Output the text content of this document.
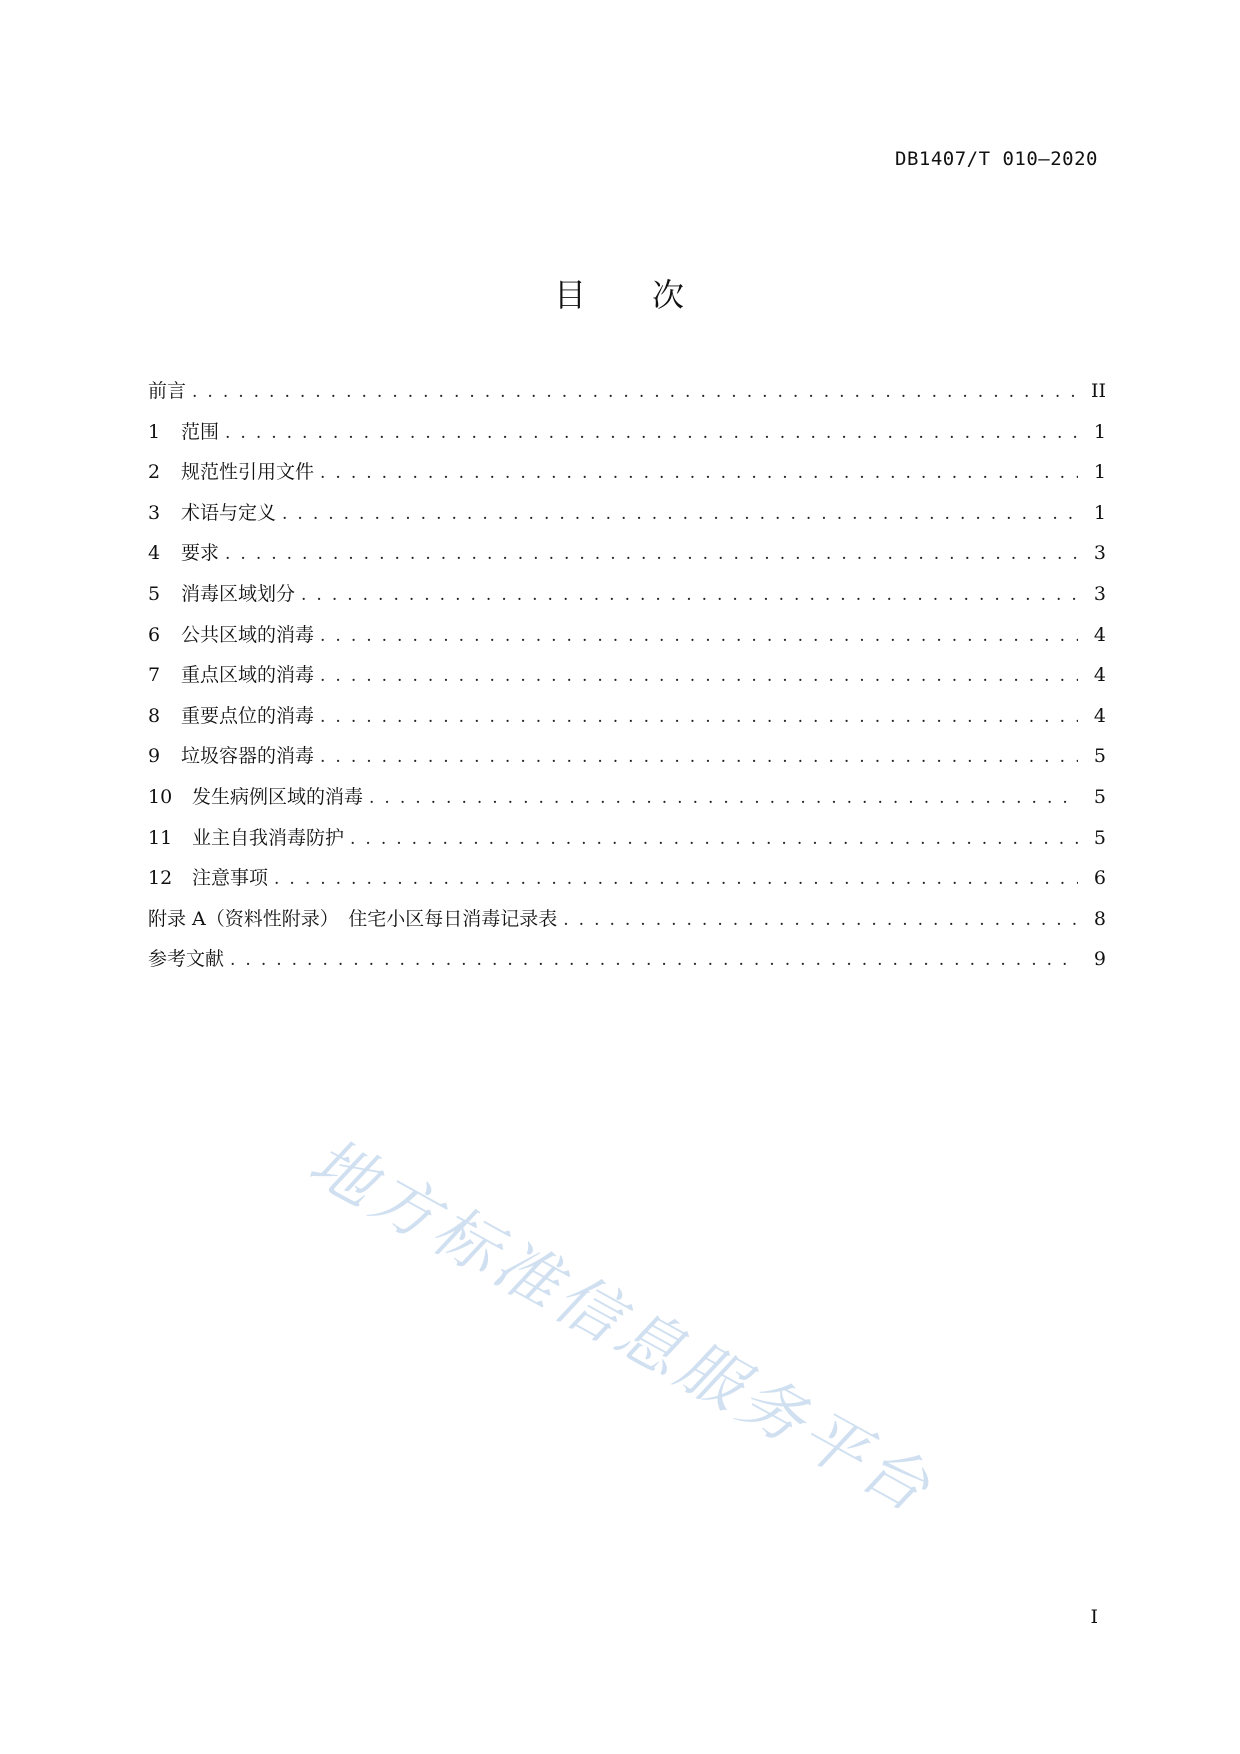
DB1407/T 010—2020
目 次
前言 . . .	II
1	范围 . . .	1
2	规范性引用文件 . . .	1
3	术语与定义 . . .	1
4	要求 . . .	3
5	消毒区域划分 . . .	3
6	公共区域的消毒 . . .	4
7	重点区域的消毒 . . .	4
8	重要点位的消毒 . . .	4
9	垃圾容器的消毒 . . .	5
10	发生病例区域的消毒 . . .	5
11	业主自我消毒防护 . . .	5
12	注意事项 . . .	6
附录 A（资料性附录）　住宅小区每日消毒记录表 . . .	8
参考文献 . . .	9
地方标准信息服务平台
I
